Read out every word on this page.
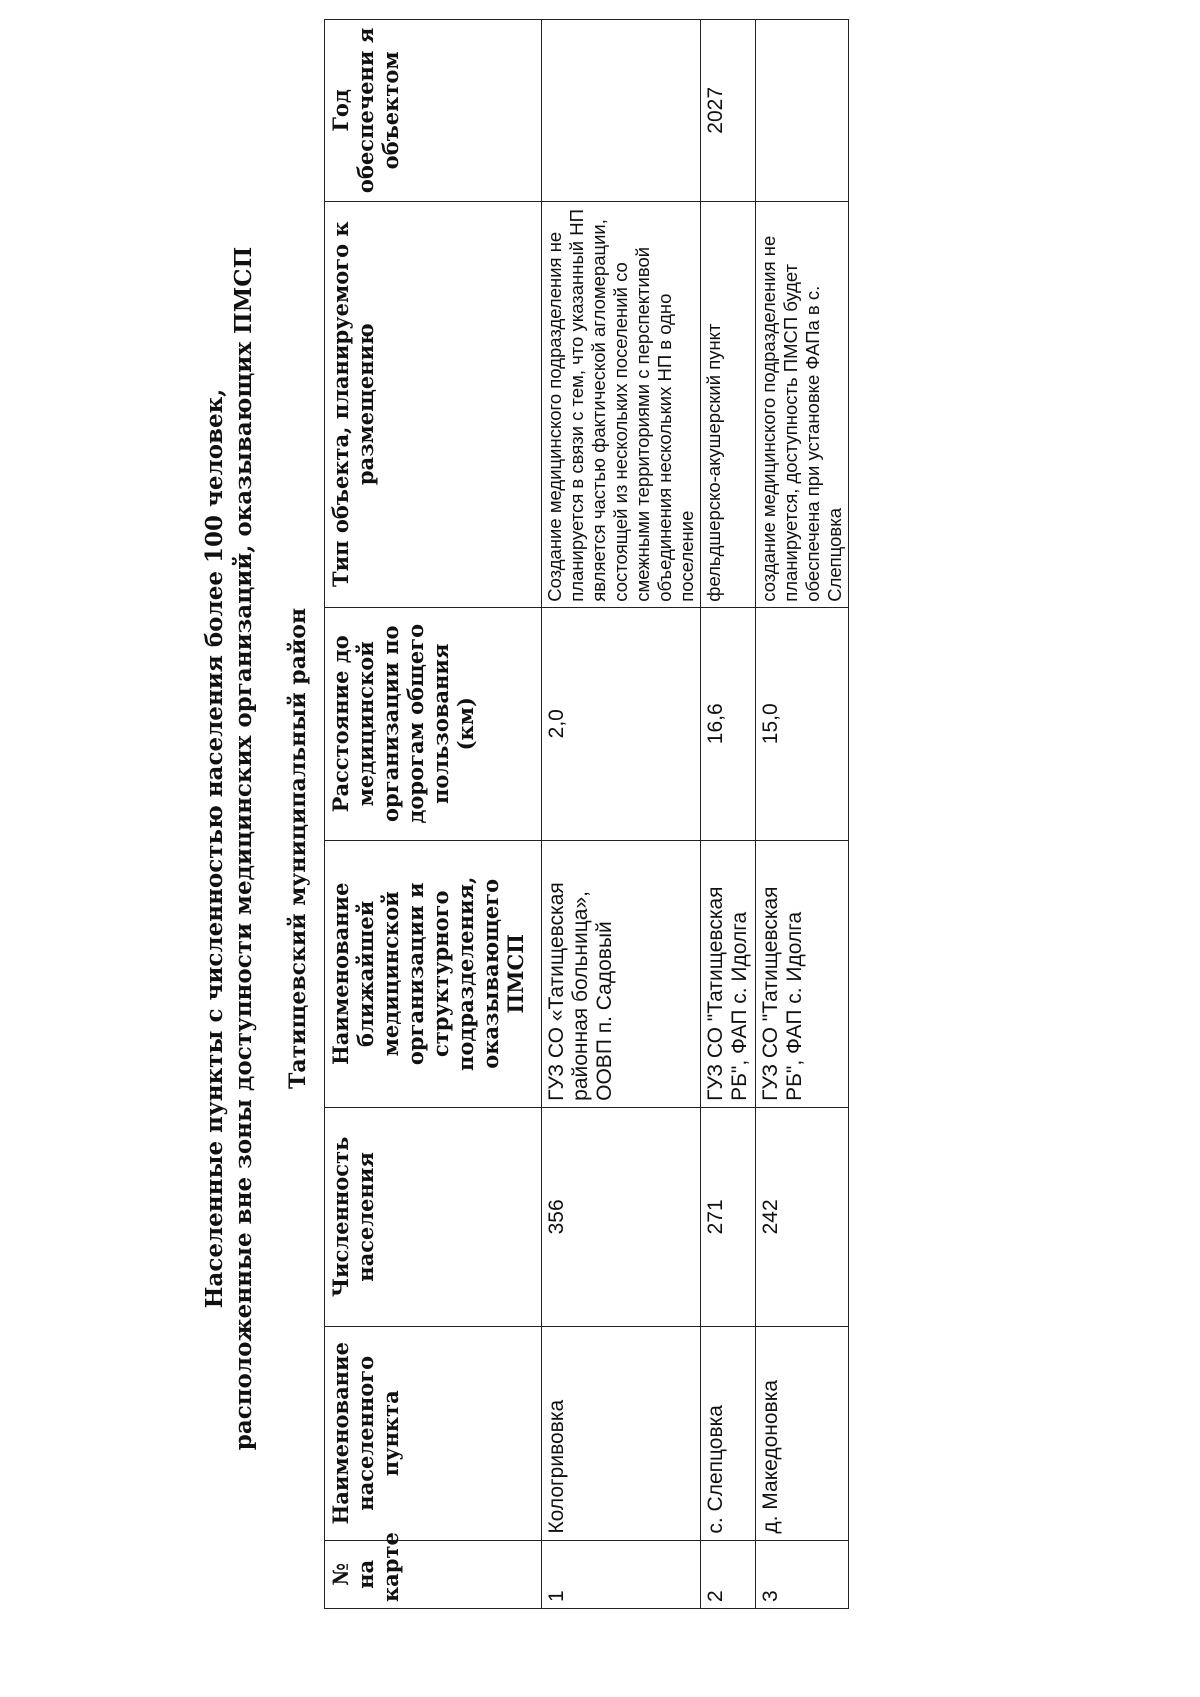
Населенные пункты с численностью населения более 100 человек, расположенные вне зоны доступности медицинских организаций, оказывающих ПМСП Татищевский муниципальный район
№ на карте	Наименование населенного пункта	Численность населения	Наименование ближайшей медицинской организации и структурного подразделения, оказывающего ПМСП	Расстояние до медицинской организации по дорогам общего пользования (км)	Тип объекта, планируемого к размещению	Год обеспечени я объектом
1	Кологривовка	356	ГУЗ СО «Татищевская районная больница», ООВП п. Садовый	2,0	Создание медицинского подразделения не планируется в связи с тем, что указанный НП является частью фактической агломерации, состоящей из нескольких поселений со смежными территориями с перспективой объединения нескольких НП в одно поселение	
2	с. Слепцовка	271	ГУЗ СО "Татищевская РБ", ФАП с. Идолга	16,6	фельдшерско-акушерский пункт	2027
3	д. Македоновка	242	ГУЗ СО "Татищевская РБ", ФАП с. Идолга	15,0	создание медицинского подразделения не планируется, доступность ПМСП будет обеспечена при установке ФАПа в с. Слепцовка	
